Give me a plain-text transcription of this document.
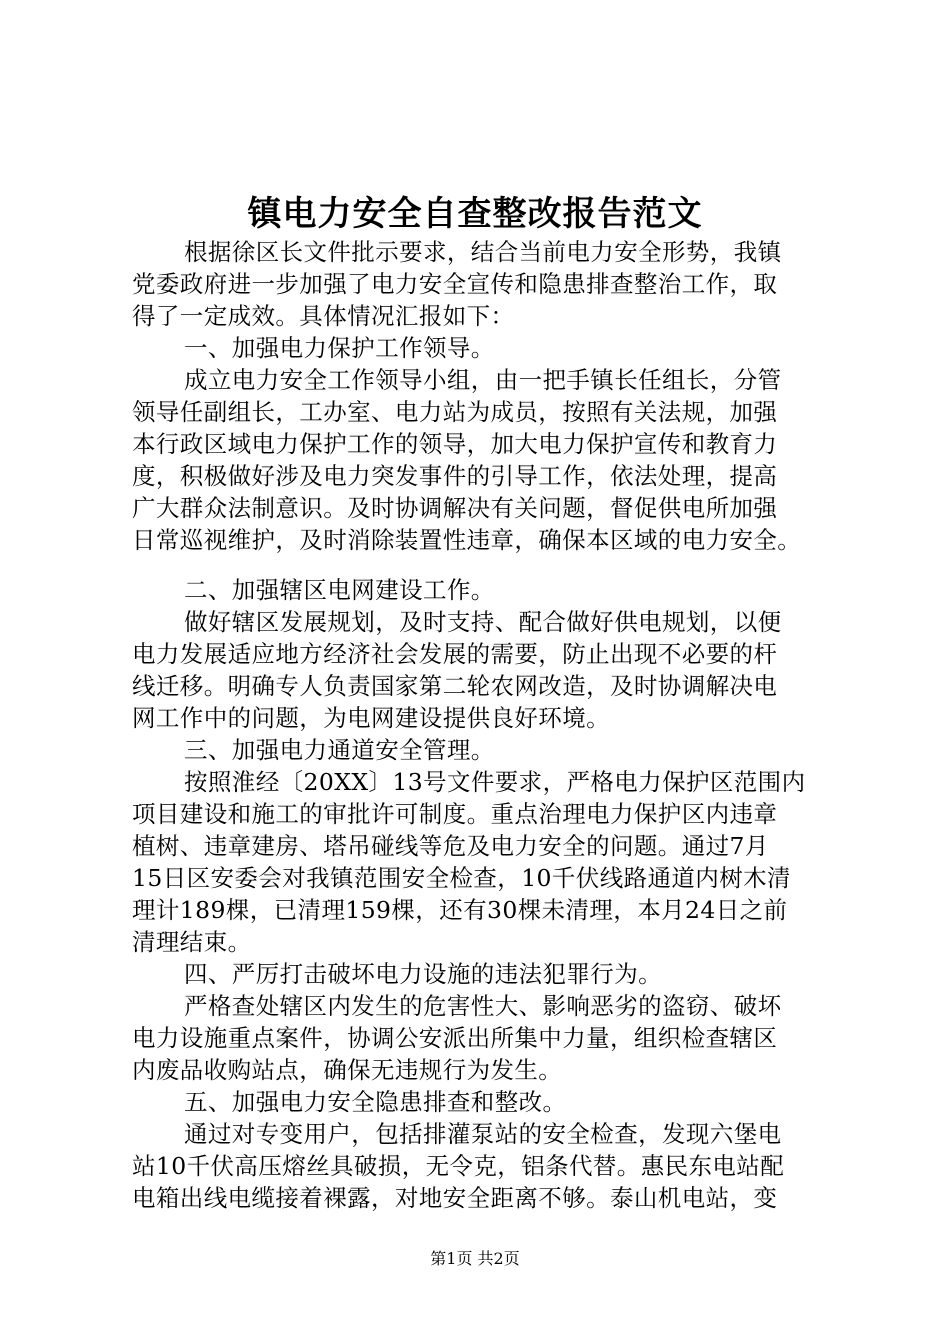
镇电力安全自查整改报告范文
根据徐区长文件批示要求，结合当前电力安全形势，我镇
党委政府进一步加强了电力安全宣传和隐患排查整治工作，取
得了一定成效。具体情况汇报如下：
一、加强电力保护工作领导。
成立电力安全工作领导小组，由一把手镇长任组长，分管
领导任副组长，工办室、电力站为成员，按照有关法规，加强
本行政区域电力保护工作的领导，加大电力保护宣传和教育力
度，积极做好涉及电力突发事件的引导工作，依法处理，提高
广大群众法制意识。及时协调解决有关问题，督促供电所加强
日常巡视维护，及时消除装置性违章，确保本区域的电力安全。
二、加强辖区电网建设工作。
做好辖区发展规划，及时支持、配合做好供电规划，以便
电力发展适应地方经济社会发展的需要，防止出现不必要的杆
线迁移。明确专人负责国家第二轮农网改造，及时协调解决电
网工作中的问题，为电网建设提供良好环境。
三、加强电力通道安全管理。
按照淮经〔20XX〕13号文件要求，严格电力保护区范围内
项目建设和施工的审批许可制度。重点治理电力保护区内违章
植树、违章建房、塔吊碰线等危及电力安全的问题。通过7月
15日区安委会对我镇范围安全检查，10千伏线路通道内树木清
理计189棵，已清理159棵，还有30棵未清理，本月24日之前
清理结束。
四、严厉打击破坏电力设施的违法犯罪行为。
严格查处辖区内发生的危害性大、影响恶劣的盗窃、破坏
电力设施重点案件，协调公安派出所集中力量，组织检查辖区
内废品收购站点，确保无违规行为发生。
五、加强电力安全隐患排查和整改。
通过对专变用户，包括排灌泵站的安全检查，发现六堡电
站10千伏高压熔丝具破损，无令克，铝条代替。惠民东电站配
电箱出线电缆接着裸露，对地安全距离不够。泰山机电站，变
第1页 共2页
